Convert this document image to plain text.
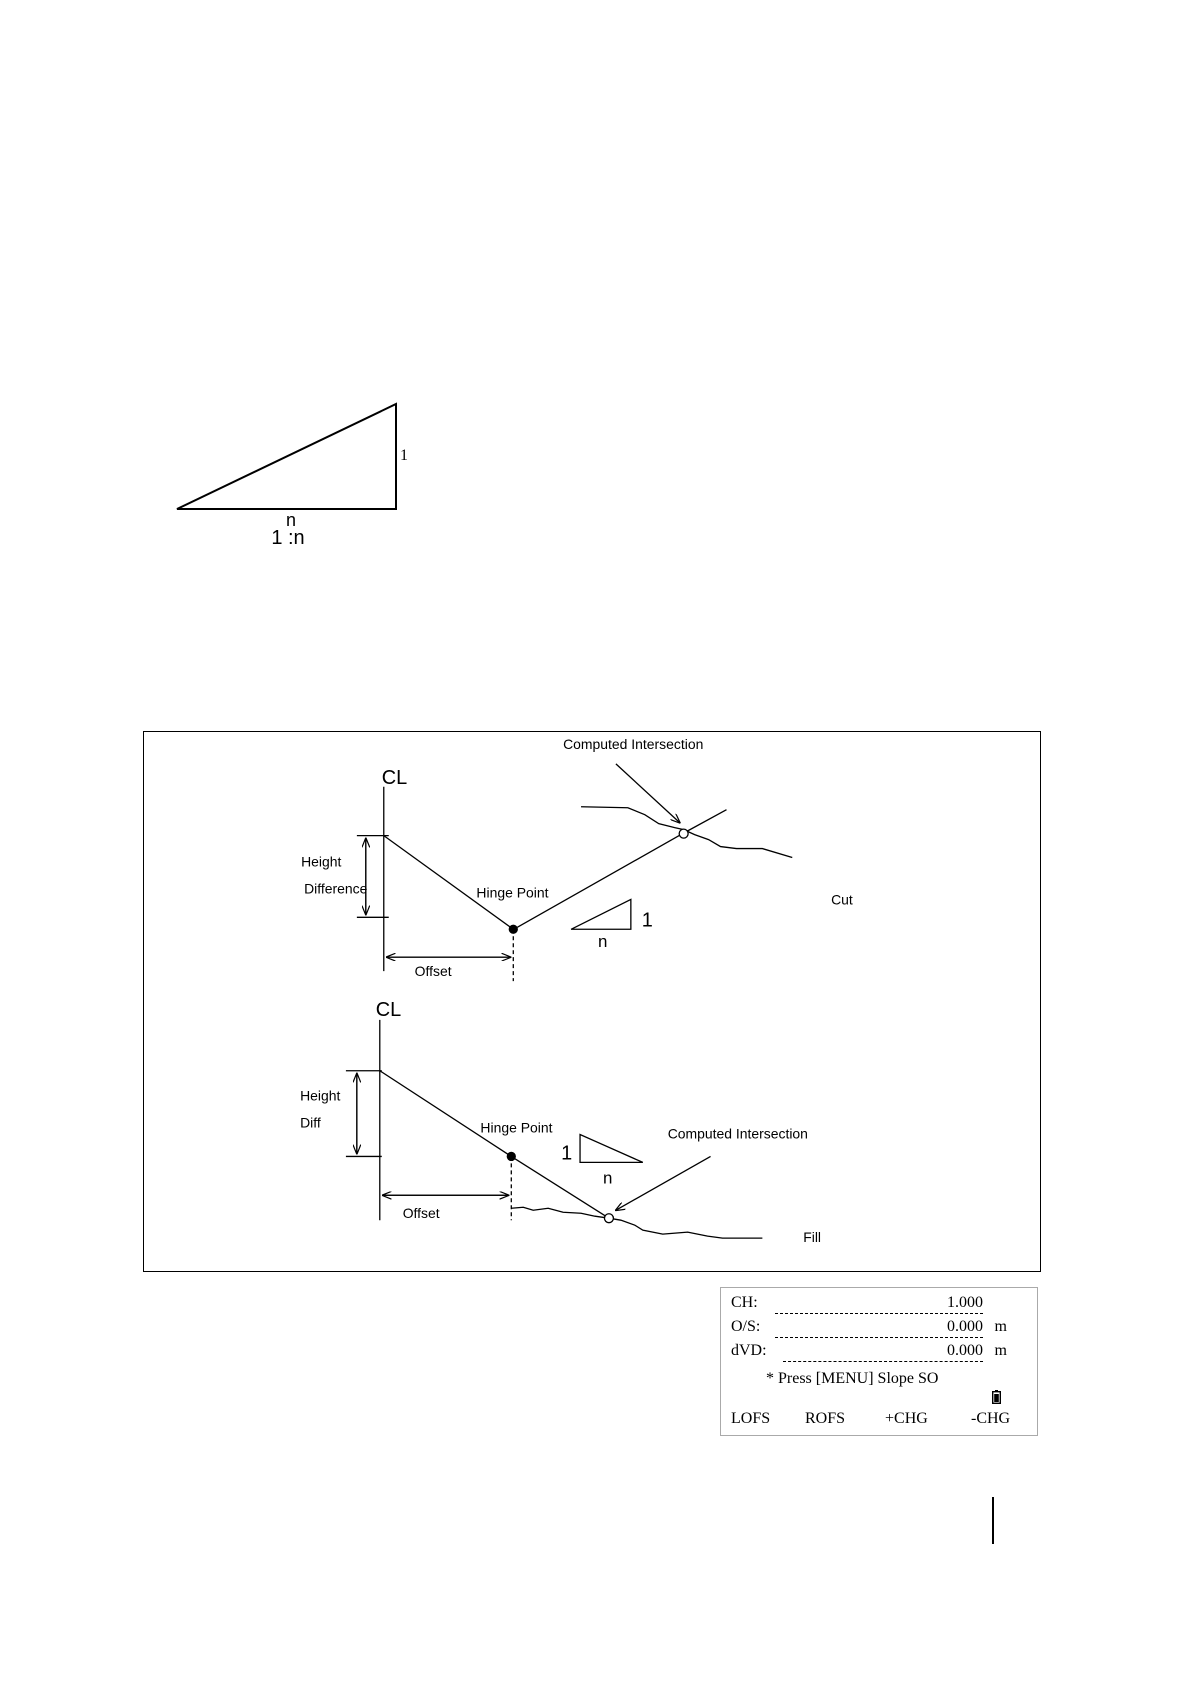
1
n
1 :n
Computed Intersection
CL
Height
Difference	Hinge Point
1
n
Cut
Offset
CL
Height
Diff	Hinge Point	Computed Intersection
1
n
Offset
Fill
CH:	1.000
O/S:	0.000 m
dVD:	0.000 m
* Press [MENU] Slope SO
LOFS ROFS +CHG	-CHG
